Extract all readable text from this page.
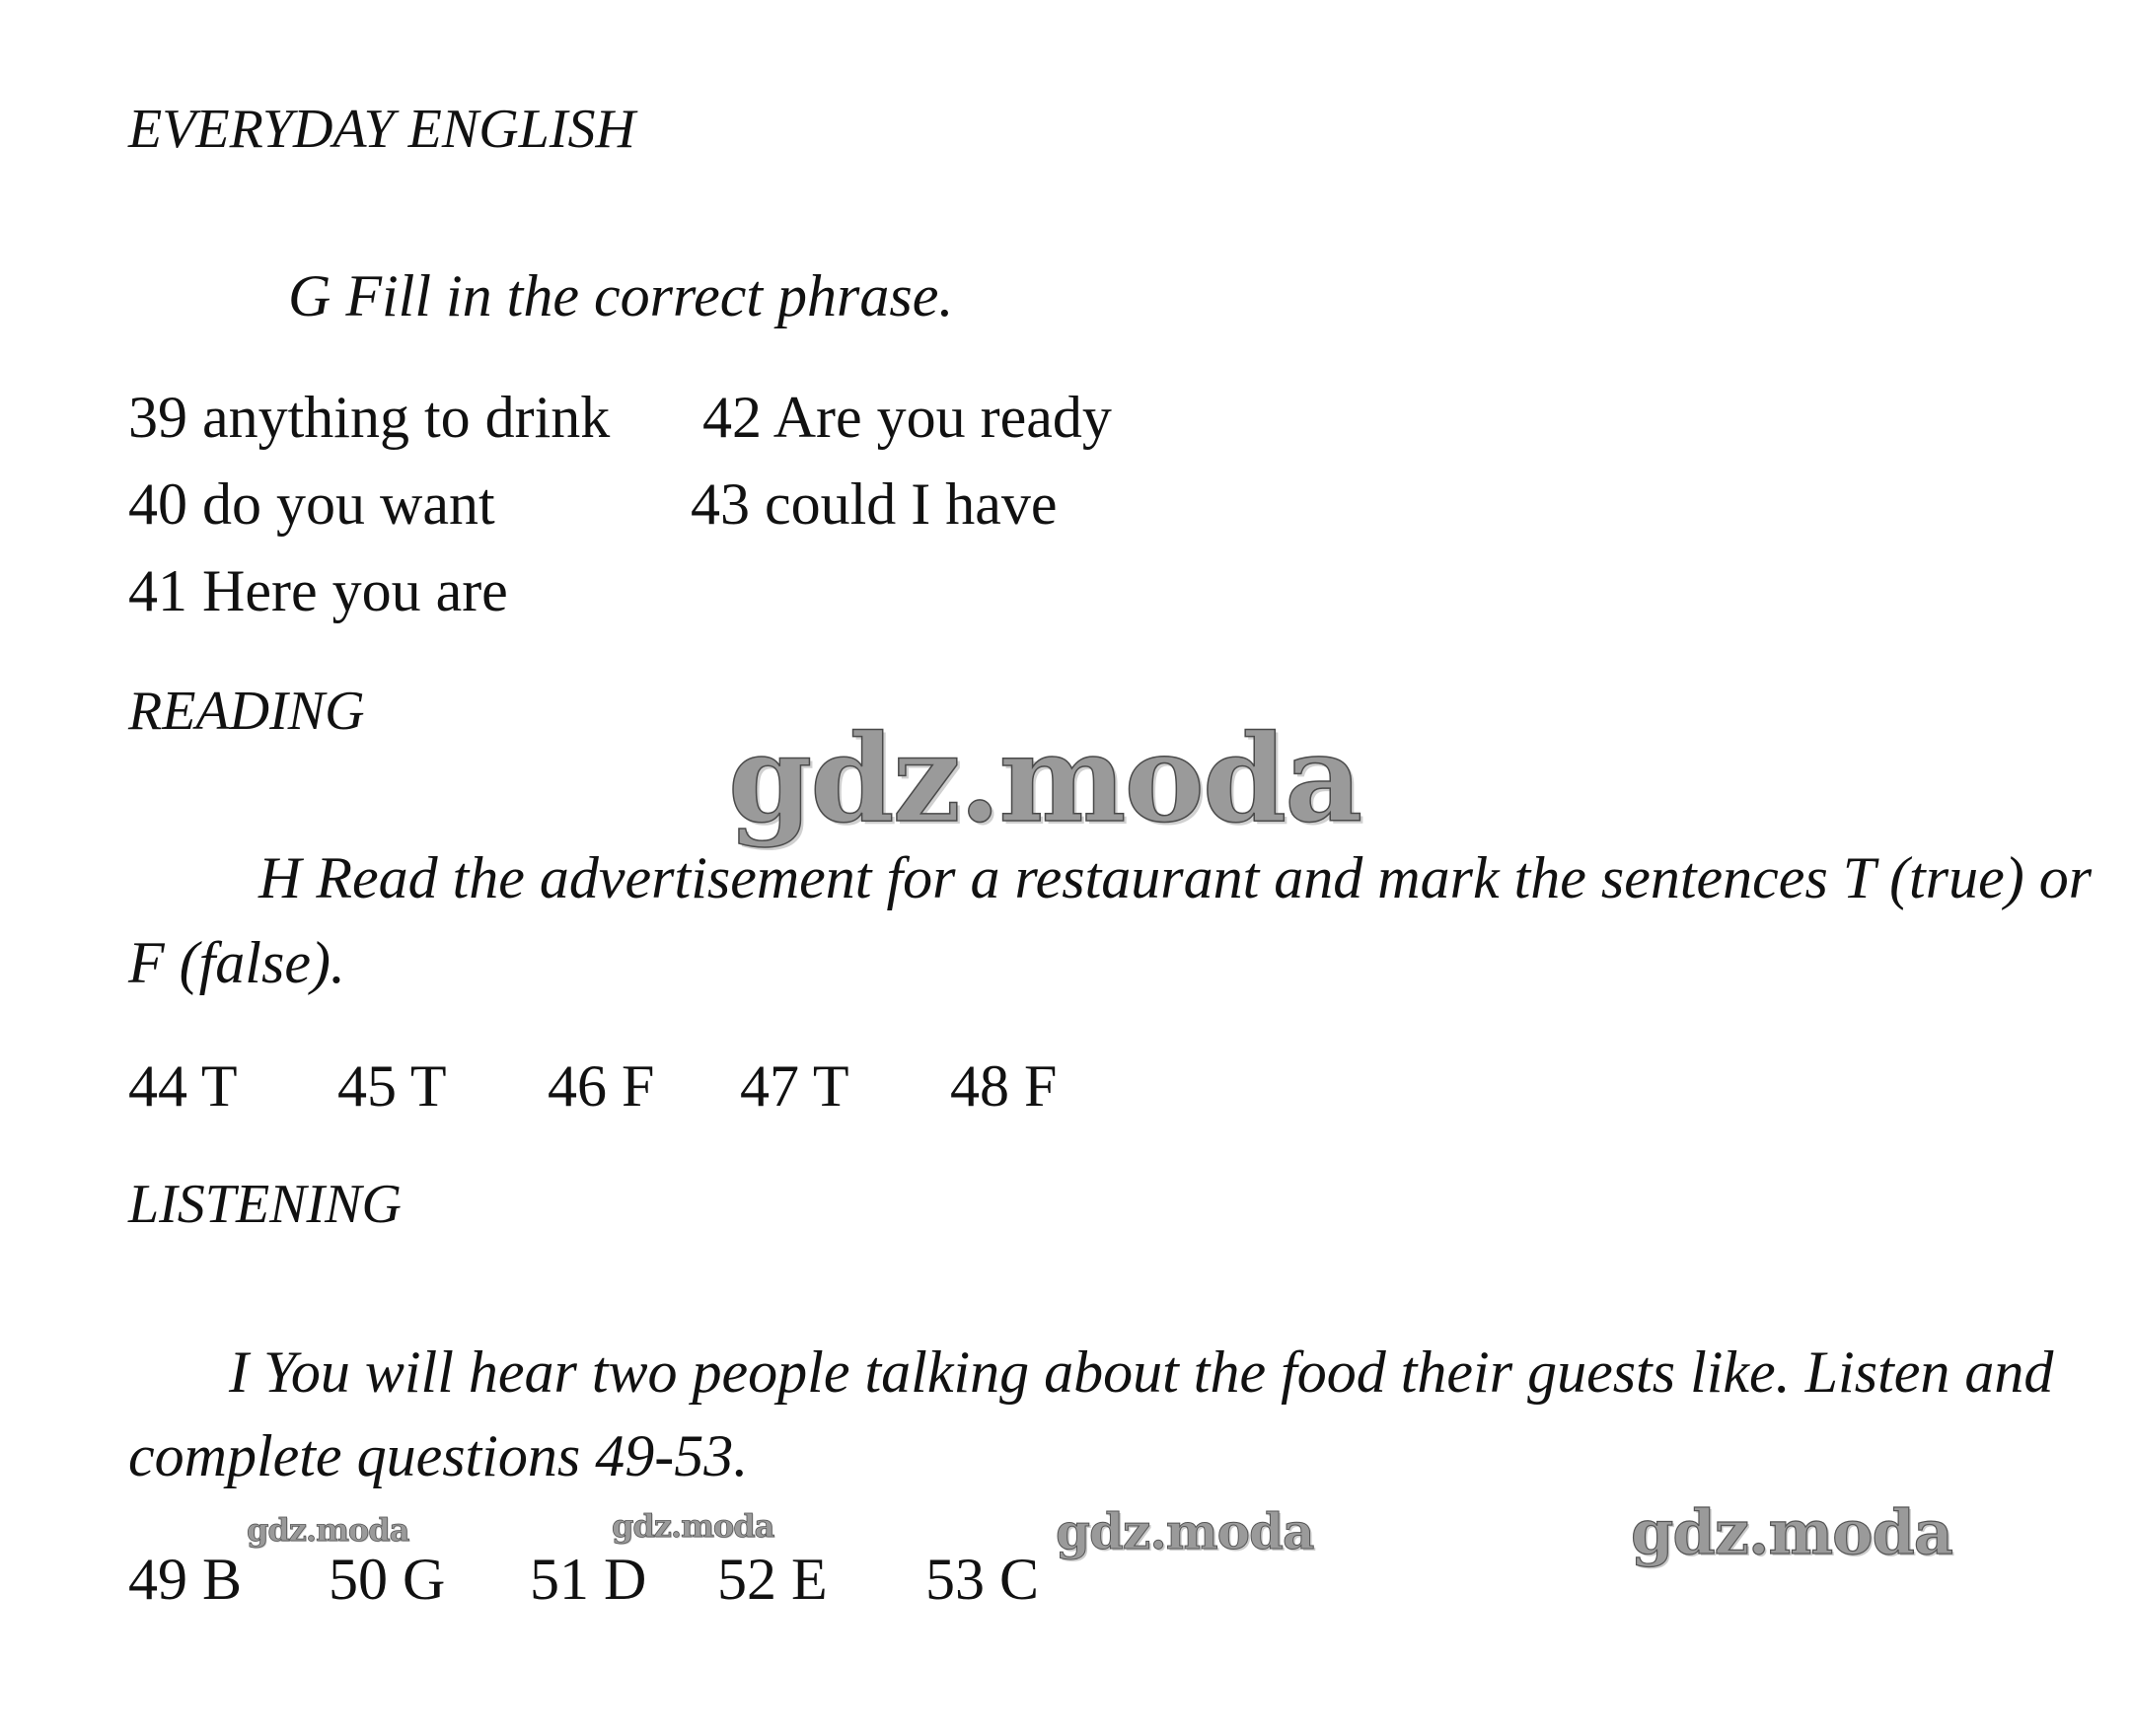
EVERYDAY ENGLISH
G Fill in the correct phrase.
39 anything to drink 42 Are you ready
40 do you want	43 could I have
41 Here you are
READING	gdz.moda
H Read the advertisement for a restaurant and mark the sentences T (true) or
F (false).
44 T 45 T 46 F 47 T 48 F
LISTENING
I You will hear two people talking about the food their guests like. Listen and
complete questions 49-53.
gdz.moda	gdz.moda	gdz.moda	gdz.moda
49 B 50 G 51 D 52 E 53 C
